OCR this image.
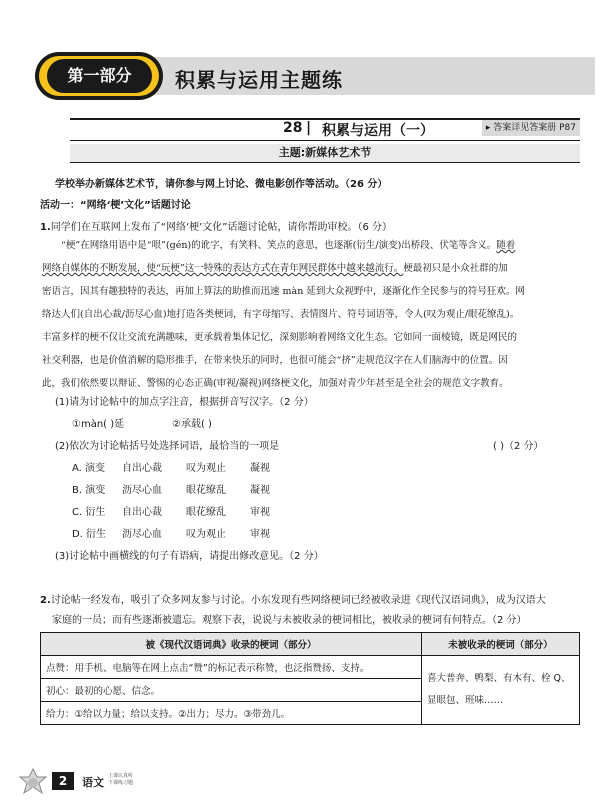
第一部分	积累与运用主题练
28 | 积累与运用（一）	▸ 答案详见答案册 P87
主题:新媒体艺术节
学校举办新媒体艺术节，请你参与网上讨论、微电影创作等活动。（26 分）
活动一：“网络‘梗’文化”话题讨论
1.同学们在互联网上发布了“网络‘梗’文化”话题讨论帖，请你帮助审校。（6 分）
“梗”在网络用语中是“哏”(gén)的讹字，有笑料、笑点的意思，也逐渐(衍生/演变)出桥段、伏笔等含义。随着
网络自媒体的不断发展，使“玩梗”这一特殊的表达方式在青年网民群体中越来越流行。梗最初只是小众社群的加
密语言，因其有趣独特的表达，再加上算法的助推而迅速 màn 延到大众视野中，逐渐化作全民参与的符号狂欢。网
络达人们(自出心裁/沥尽心血)地打造各类梗词，有字母缩写、表情图片、符号词语等，令人(叹为观止/眼花缭乱)。
丰富多样的梗不仅让交流充满趣味，更承载着集体记忆，深刻影响着网络文化生态。它如同一面棱镜，既是网民的
社交利器，也是价值消解的隐形推手，在带来快乐的同时，也很可能会“挤”走规范汉字在人们脑海中的位置。因
此，我们依然要以辩证、警惕的心态正确(审视/凝视)网络梗文化，加强对青少年甚至是全社会的规范文字教育。
(1)请为讨论帖中的加点字注音，根据拼音写汉字。（2 分）
①màn( )延	②承载( )
(2)依次为讨论帖括号处选择词语，最恰当的一项是	( )（2 分）
A. 演变 自出心裁 叹为观止 凝视
B. 演变 沥尽心血 眼花缭乱 凝视
C. 衍生 自出心裁 眼花缭乱 审视
D. 衍生 沥尽心血 叹为观止 审视
(3)讨论帖中画横线的句子有语病，请提出修改意见。（2 分）
2.讨论帖一经发布，吸引了众多网友参与讨论。小东发现有些网络梗词已经被收录进《现代汉语词典》，成为汉语大
家庭的一员；而有些逐渐被遗忘。观察下表，说说与未被收录的梗词相比，被收录的梗词有何特点。（2 分）
被《现代汉语词典》收录的梗词（部分）	未被收录的梗词（部分）
点赞：用手机、电脑等在网上点击“赞”的标记表示称赞，也泛指赞扬、支持。	喜大普奔、鸭梨、有木有、栓 Q、显眼包、班味……
初心：最初的心愿、信念。	
给力：①给以力量；给以支持。②出力；尽力。③带劲儿。	
2	语文 上课认真听
下课练习题
